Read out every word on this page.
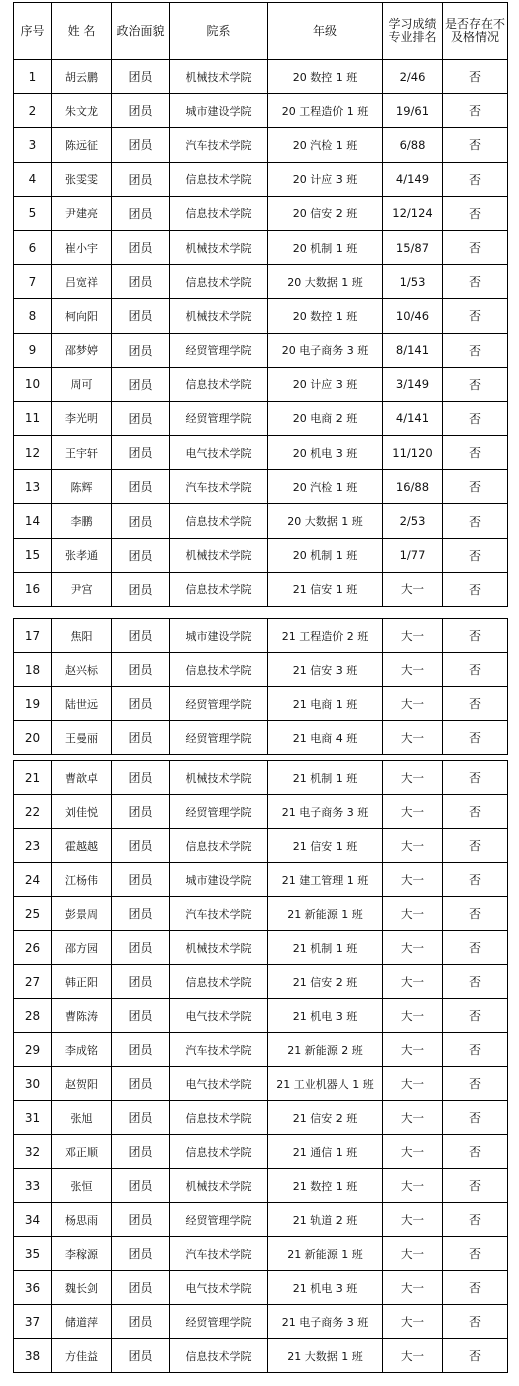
序号	姓 名	政治面貌	院系	年级	学习成绩专业排名	是否存在不及格情况
1	胡云鹏	团员	机械技术学院	20 数控 1 班	2/46	否
2	朱文龙	团员	城市建设学院	20 工程造价 1 班	19/61	否
3	陈远征	团员	汽车技术学院	20 汽检 1 班	6/88	否
4	张雯雯	团员	信息技术学院	20 计应 3 班	4/149	否
5	尹建亮	团员	信息技术学院	20 信安 2 班	12/124	否
6	崔小宇	团员	机械技术学院	20 机制 1 班	15/87	否
7	吕宽祥	团员	信息技术学院	20 大数据 1 班	1/53	否
8	柯向阳	团员	机械技术学院	20 数控 1 班	10/46	否
9	邵梦婷	团员	经贸管理学院	20 电子商务 3 班	8/141	否
10	周可	团员	信息技术学院	20 计应 3 班	3/149	否
11	李光明	团员	经贸管理学院	20 电商 2 班	4/141	否
12	王宇轩	团员	电气技术学院	20 机电 3 班	11/120	否
13	陈辉	团员	汽车技术学院	20 汽检 1 班	16/88	否
14	李鹏	团员	信息技术学院	20 大数据 1 班	2/53	否
15	张孝通	团员	机械技术学院	20 机制 1 班	1/77	否
16	尹宫	团员	信息技术学院	21 信安 1 班	大一	否
17	焦阳	团员	城市建设学院	21 工程造价 2 班	大一	否
18	赵兴标	团员	信息技术学院	21 信安 3 班	大一	否
19	陆世远	团员	经贸管理学院	21 电商 1 班	大一	否
20	王曼丽	团员	经贸管理学院	21 电商 4 班	大一	否
21	曹歆卓	团员	机械技术学院	21 机制 1 班	大一	否
22	刘佳悦	团员	经贸管理学院	21 电子商务 3 班	大一	否
23	霍越越	团员	信息技术学院	21 信安 1 班	大一	否
24	江杨伟	团员	城市建设学院	21 建工管理 1 班	大一	否
25	彭景周	团员	汽车技术学院	21 新能源 1 班	大一	否
26	邵方园	团员	机械技术学院	21 机制 1 班	大一	否
27	韩正阳	团员	信息技术学院	21 信安 2 班	大一	否
28	曹陈涛	团员	电气技术学院	21 机电 3 班	大一	否
29	李成铭	团员	汽车技术学院	21 新能源 2 班	大一	否
30	赵贺阳	团员	电气技术学院	21 工业机器人 1 班	大一	否
31	张旭	团员	信息技术学院	21 信安 2 班	大一	否
32	邓正顺	团员	信息技术学院	21 通信 1 班	大一	否
33	张恒	团员	机械技术学院	21 数控 1 班	大一	否
34	杨思雨	团员	经贸管理学院	21 轨道 2 班	大一	否
35	李稼源	团员	汽车技术学院	21 新能源 1 班	大一	否
36	魏长剑	团员	电气技术学院	21 机电 3 班	大一	否
37	储道萍	团员	经贸管理学院	21 电子商务 3 班	大一	否
38	方佳益	团员	信息技术学院	21 大数据 1 班	大一	否
